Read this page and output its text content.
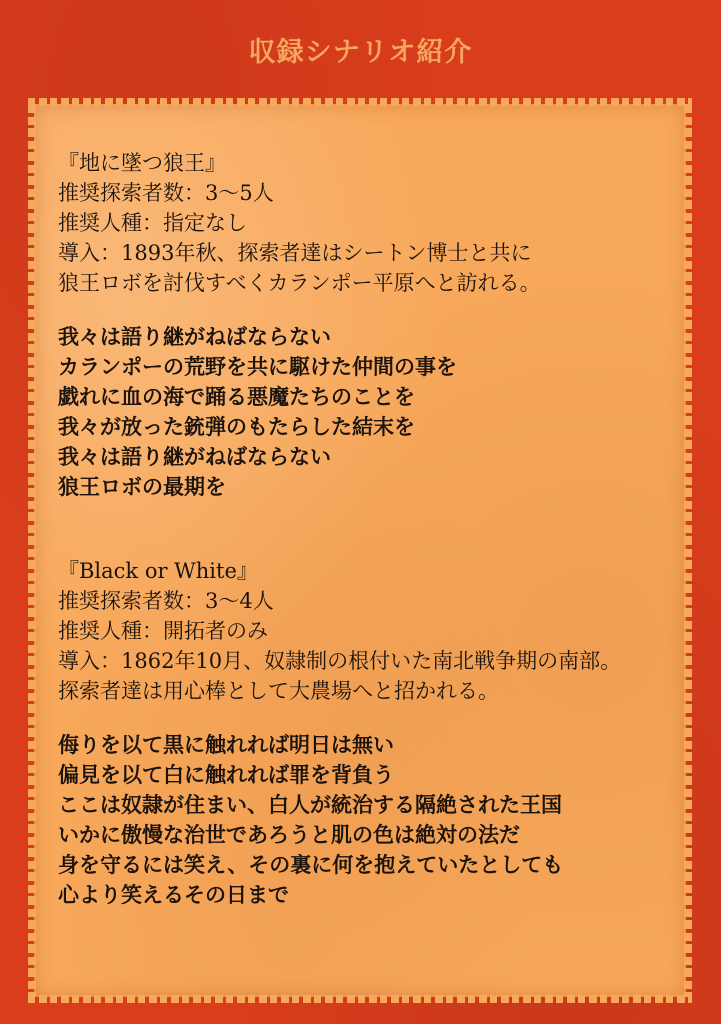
収録シナリオ紹介
『地に墜つ狼王』
推奨探索者数：3～5人
推奨人種：指定なし
導入：1893年秋、探索者達はシートン博士と共に
狼王ロボを討伐すべくカランポー平原へと訪れる。
我々は語り継がねばならない
カランポーの荒野を共に駆けた仲間の事を
戯れに血の海で踊る悪魔たちのことを
我々が放った銃弾のもたらした結末を
我々は語り継がねばならない
狼王ロボの最期を
『Black or White』
推奨探索者数：3～4人
推奨人種：開拓者のみ
導入：1862年10月、奴隷制の根付いた南北戦争期の南部。
探索者達は用心棒として大農場へと招かれる。
侮りを以て黒に触れれば明日は無い
偏見を以て白に触れれば罪を背負う
ここは奴隷が住まい、白人が統治する隔絶された王国
いかに傲慢な治世であろうと肌の色は絶対の法だ
身を守るには笑え、その裏に何を抱えていたとしても
心より笑えるその日まで
